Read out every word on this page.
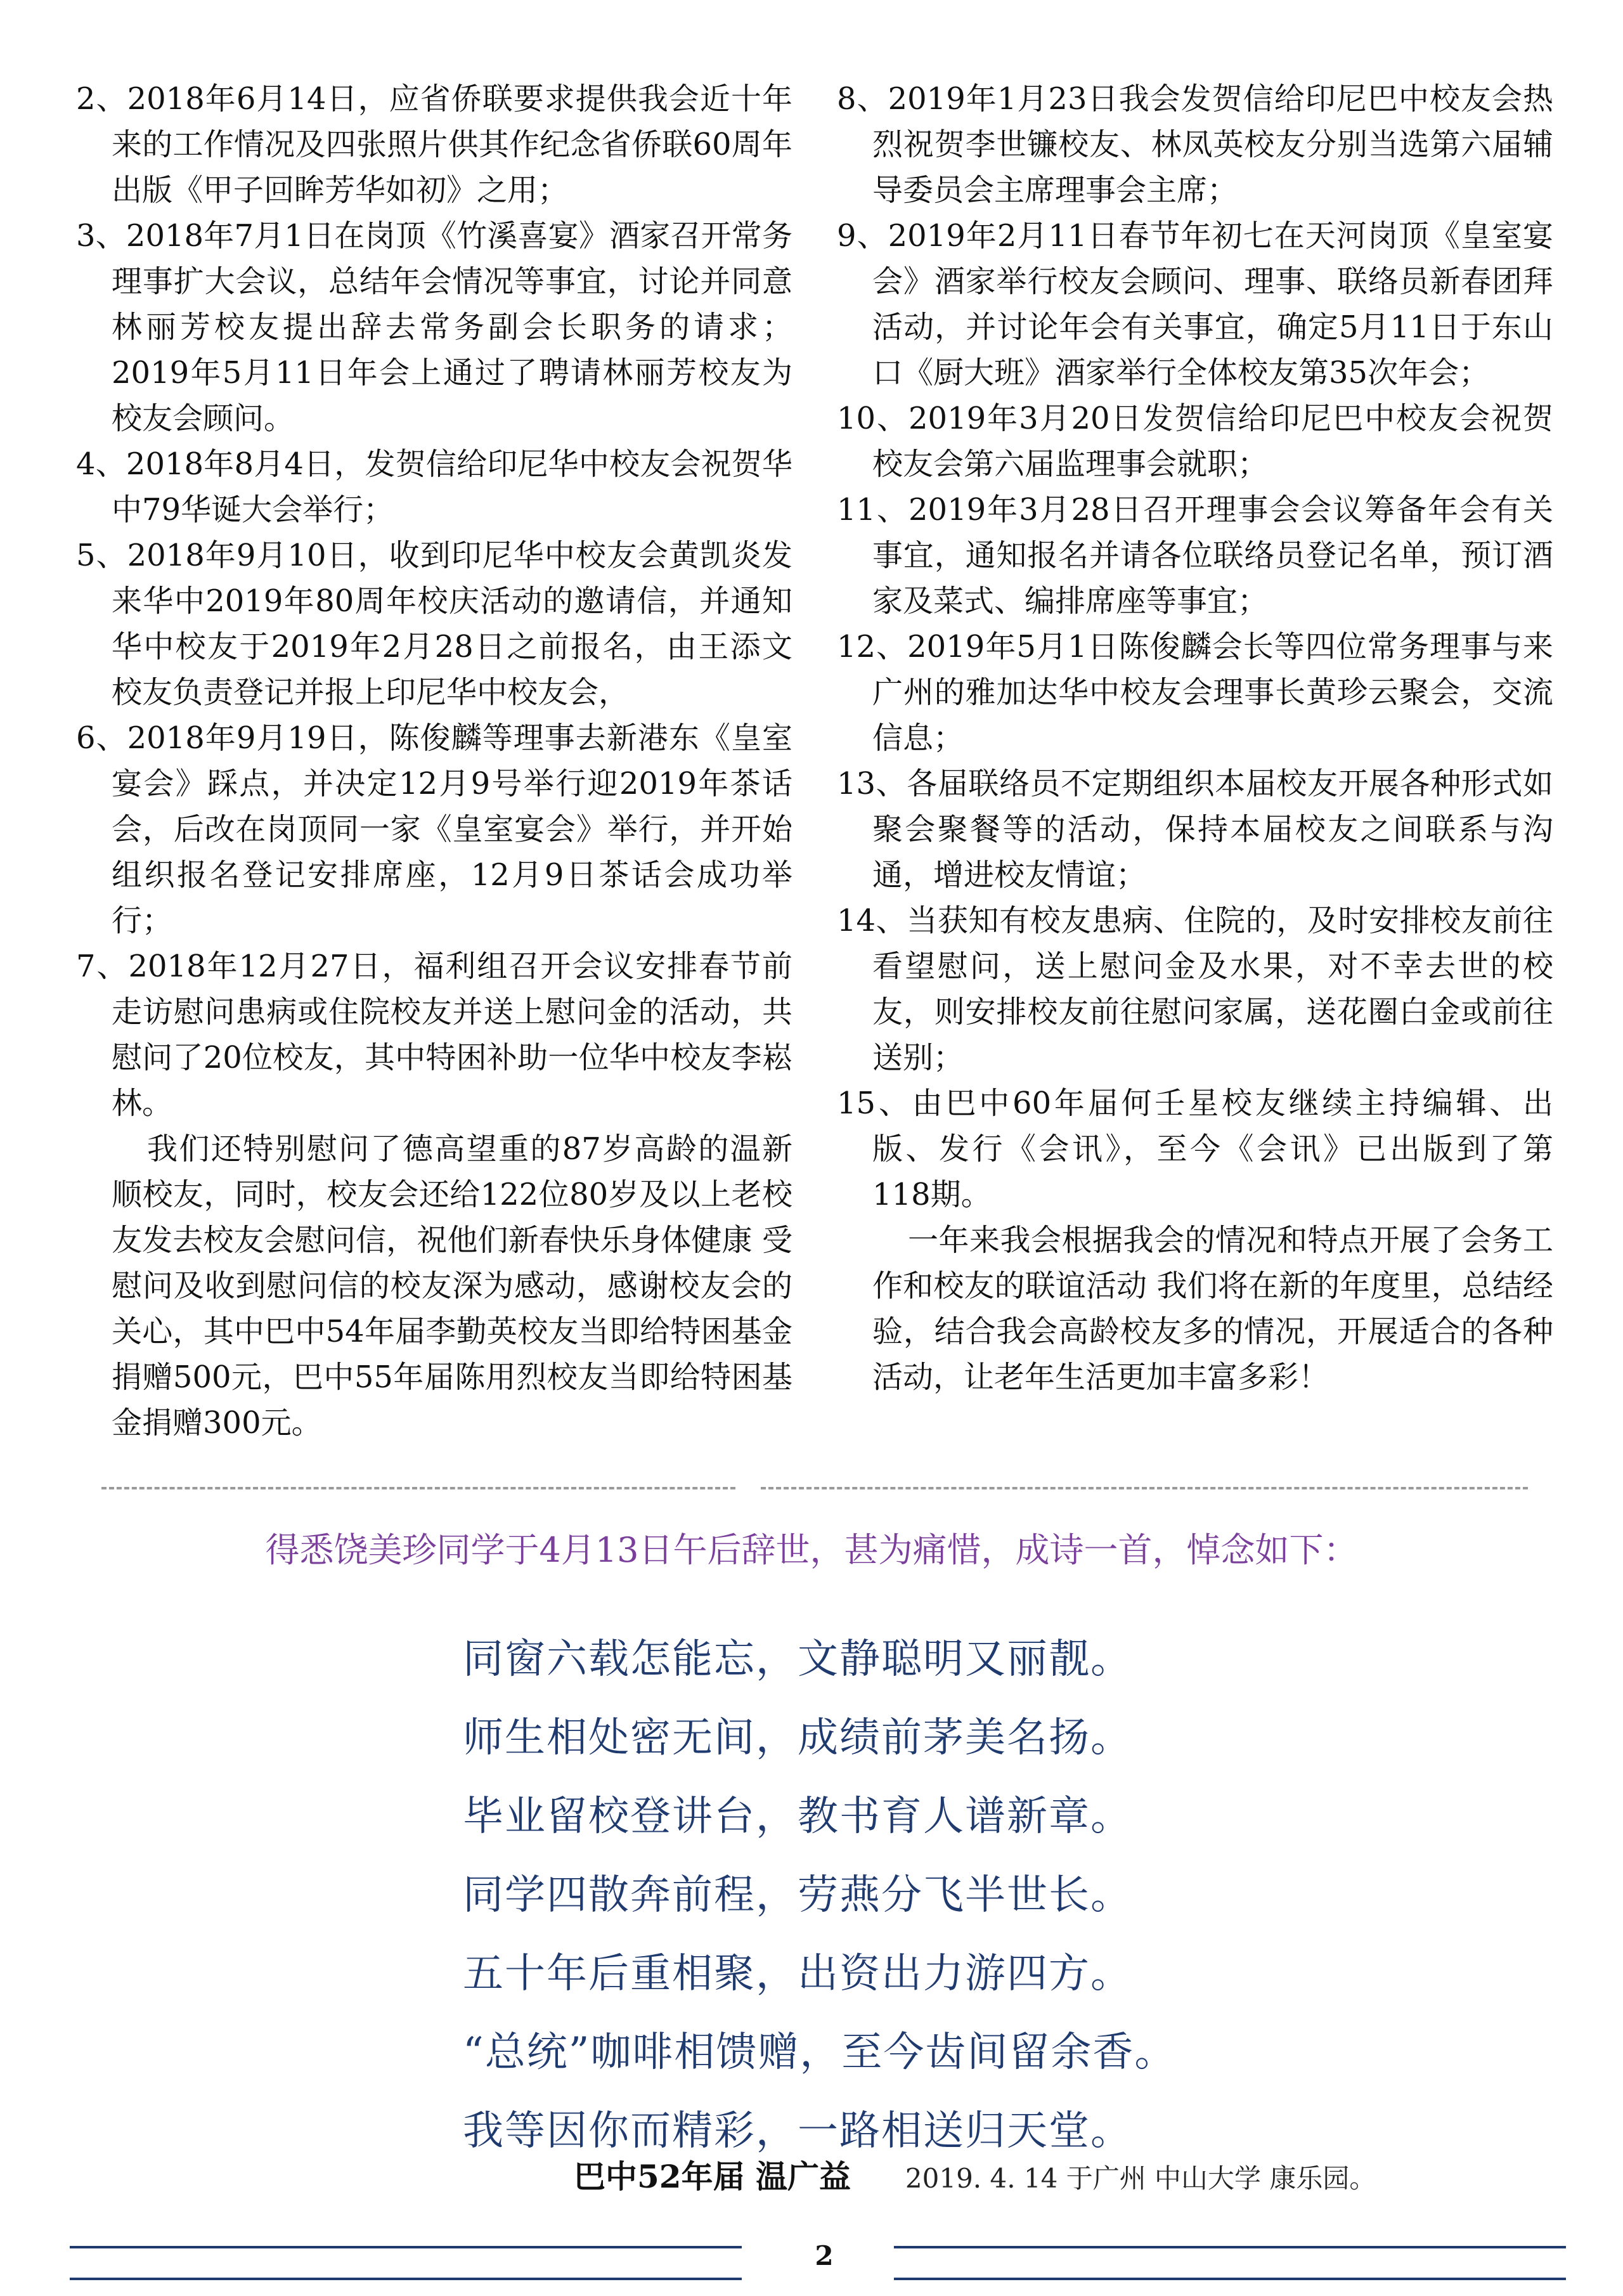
2、2018年6月14日，应省侨联要求提供我会近十年来的工作情况及四张照片供其作纪念省侨联60周年出版《甲子回眸芳华如初》之用；

3、2018年7月1日在岗顶《竹溪喜宴》酒家召开常务理事扩大会议，总结年会情况等事宜，讨论并同意林丽芳校友提出辞去常务副会长职务的请求；2019年5月11日年会上通过了聘请林丽芳校友为校友会顾问。

4、2018年8月4日，发贺信给印尼华中校友会祝贺华中79华诞大会举行；

5、2018年9月10日，收到印尼华中校友会黄凯炎发来华中2019年80周年校庆活动的邀请信，并通知华中校友于2019年2月28日之前报名，由王添文校友负责登记并报上印尼华中校友会，

6、2018年9月19日，陈俊麟等理事去新港东《皇室宴会》踩点，并决定12月9号举行迎2019年茶话会，后改在岗顶同一家《皇室宴会》举行，并开始组织报名登记安排席座，12月9日茶话会成功举行；

7、2018年12月27日，福利组召开会议安排春节前走访慰问患病或住院校友并送上慰问金的活动，共慰问了20位校友，其中特困补助一位华中校友李崧林。

我们还特别慰问了德高望重的87岁高龄的温新顺校友，同时，校友会还给122位80岁及以上老校友发去校友会慰问信，祝他们新春快乐身体健康 受慰问及收到慰问信的校友深为感动，感谢校友会的关心，其中巴中54年届李勤英校友当即给特困基金捐赠500元，巴中55年届陈用烈校友当即给特困基金捐赠300元。

8、2019年1月23日我会发贺信给印尼巴中校友会热烈祝贺李世镰校友、林凤英校友分别当选第六届辅导委员会主席理事会主席；

9、2019年2月11日春节年初七在天河岗顶《皇室宴会》酒家举行校友会顾问、理事、联络员新春团拜活动，并讨论年会有关事宜，确定5月11日于东山口《厨大班》酒家举行全体校友第35次年会；

10、2019年3月20日发贺信给印尼巴中校友会祝贺校友会第六届监理事会就职；

11、2019年3月28日召开理事会会议筹备年会有关事宜，通知报名并请各位联络员登记名单，预订酒家及菜式、编排席座等事宜；

12、2019年5月1日陈俊麟会长等四位常务理事与来广州的雅加达华中校友会理事长黄珍云聚会，交流信息；

13、各届联络员不定期组织本届校友开展各种形式如聚会聚餐等的活动，保持本届校友之间联系与沟通，增进校友情谊；

14、当获知有校友患病、住院的，及时安排校友前往看望慰问，送上慰问金及水果，对不幸去世的校友，则安排校友前往慰问家属，送花圈白金或前往送别；

15、由巴中60年届何壬星校友继续主持编辑、出版、发行《会讯》，至今《会讯》已出版到了第118期。

一年来我会根据我会的情况和特点开展了会务工作和校友的联谊活动 我们将在新的年度里，总结经验，结合我会高龄校友多的情况，开展适合的各种活动，让老年生活更加丰富多彩！

得悉饶美珍同学于4月13日午后辞世，甚为痛惜，成诗一首，悼念如下：

同窗六载怎能忘，文静聪明又丽靓。

师生相处密无间，成绩前茅美名扬。

毕业留校登讲台，教书育人谱新章。

同学四散奔前程，劳燕分飞半世长。

五十年后重相聚，出资出力游四方。

“总统”咖啡相馈赠，至今齿间留余香。

我等因你而精彩，一路相送归天堂。

巴中52年届 温广益 2019. 4. 14 于广州 中山大学 康乐园。
2
